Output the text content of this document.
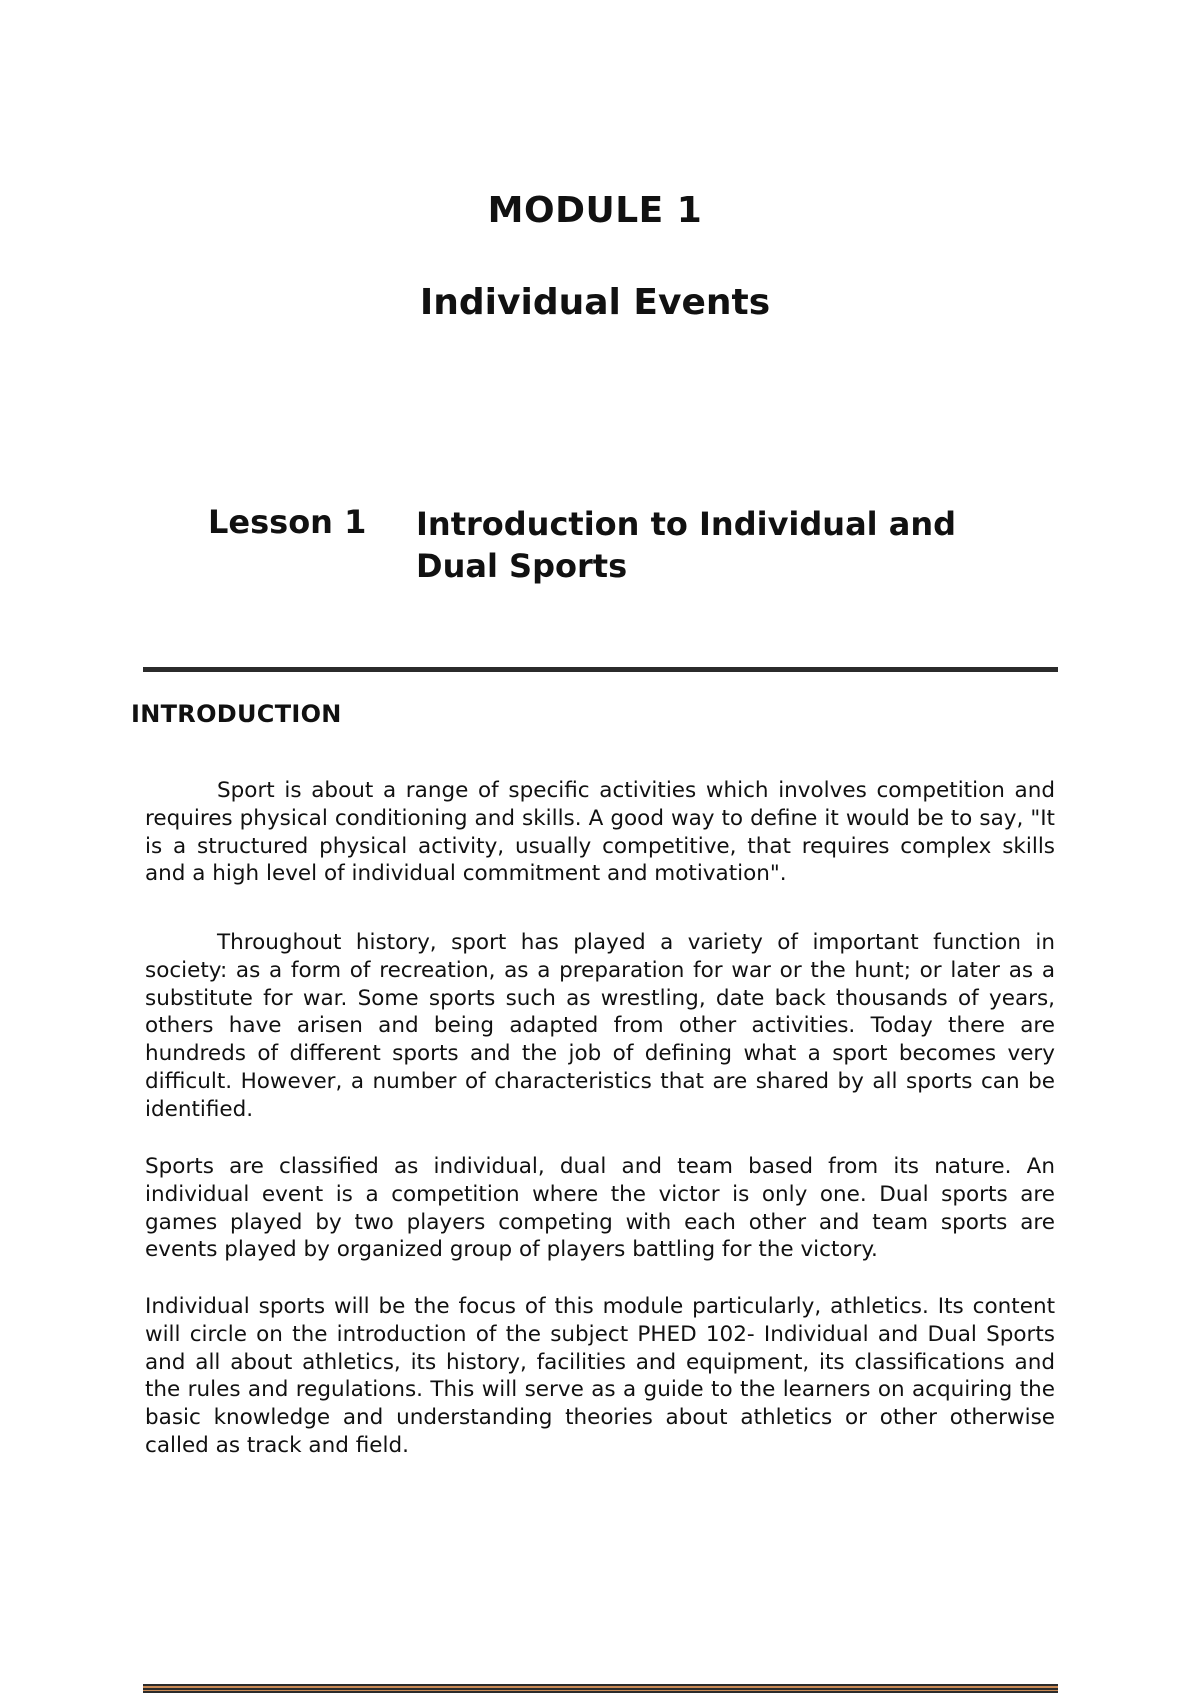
MODULE 1
Individual Events
Lesson 1 Introduction to Individual and Dual Sports
INTRODUCTION

Sport is about a range of specific activities which involves competition and requires physical conditioning and skills. A good way to define it would be to say, "It is a structured physical activity, usually competitive, that requires complex skills and a high level of individual commitment and motivation".

Throughout history, sport has played a variety of important function in society: as a form of recreation, as a preparation for war or the hunt; or later as a substitute for war. Some sports such as wrestling, date back thousands of years, others have arisen and being adapted from other activities. Today there are hundreds of different sports and the job of defining what a sport becomes very difficult. However, a number of characteristics that are shared by all sports can be identified.

Sports are classified as individual, dual and team based from its nature. An individual event is a competition where the victor is only one. Dual sports are games played by two players competing with each other and team sports are events played by organized group of players battling for the victory.

Individual sports will be the focus of this module particularly, athletics. Its content will circle on the introduction of the subject PHED 102- Individual and Dual Sports and all about athletics, its history, facilities and equipment, its classifications and the rules and regulations. This will serve as a guide to the learners on acquiring the basic knowledge and understanding theories about athletics or other otherwise called as track and field.
